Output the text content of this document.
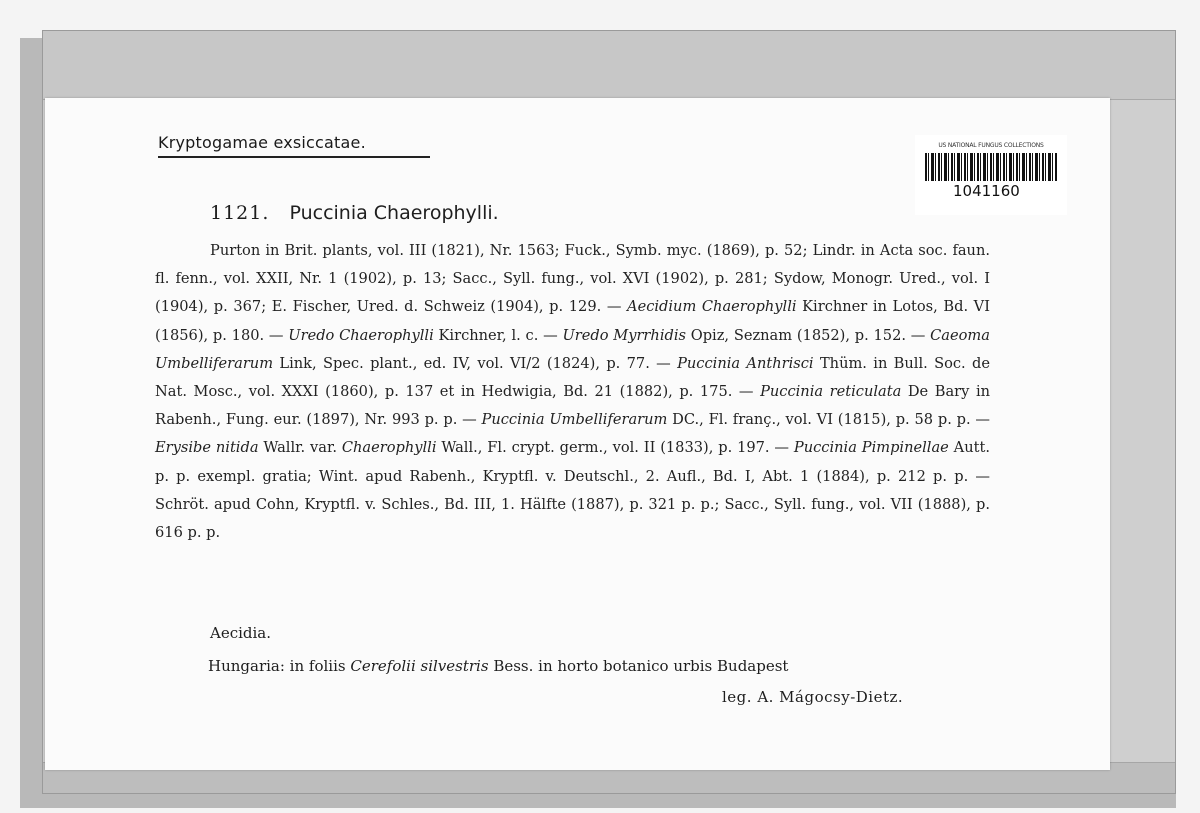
Kryptogamae exsiccatae.	US NATIONAL FUNGUS COLLECTIONS
1041160
1121. Puccinia Chaerophylli.
Purton in Brit. plants, vol. III (1821), Nr. 1563; Fuck., Symb. myc. (1869), p. 52; Lindr. in Acta soc. faun. fl. fenn., vol. XXII, Nr. 1 (1902), p. 13; Sacc., Syll. fung., vol. XVI (1902), p. 281; Sydow, Monogr. Ured., vol. I (1904), p. 367; E. Fischer, Ured. d. Schweiz (1904), p. 129. — Aecidium Chaerophylli Kirchner in Lotos, Bd. VI (1856), p. 180. — Uredo Chaerophylli Kirchner, l. c. — Uredo Myrrhidis Opiz, Seznam (1852), p. 152. — Caeoma Umbelliferarum Link, Spec. plant., ed. IV, vol. VI/2 (1824), p. 77. — Puccinia Anthrisci Thüm. in Bull. Soc. de Nat. Mosc., vol. XXXI (1860), p. 137 et in Hedwigia, Bd. 21 (1882), p. 175. — Puccinia reticulata De Bary in Rabenh., Fung. eur. (1897), Nr. 993 p. p. — Puccinia Umbelliferarum DC., Fl. franç., vol. VI (1815), p. 58 p. p. — Erysibe nitida Wallr. var. Chaerophylli Wall., Fl. crypt. germ., vol. II (1833), p. 197. — Puccinia Pimpinellae Autt. p. p. exempl. gratia; Wint. apud Rabenh., Kryptfl. v. Deutschl., 2. Aufl., Bd. I, Abt. 1 (1884), p. 212 p. p. — Schröt. apud Cohn, Kryptfl. v. Schles., Bd. III, 1. Hälfte (1887), p. 321 p. p.; Sacc., Syll. fung., vol. VII (1888), p. 616 p. p.
Aecidia.
Hungaria: in foliis Cerefolii silvestris Bess. in horto botanico urbis Budapest
leg. A. Mágocsy-Dietz.
